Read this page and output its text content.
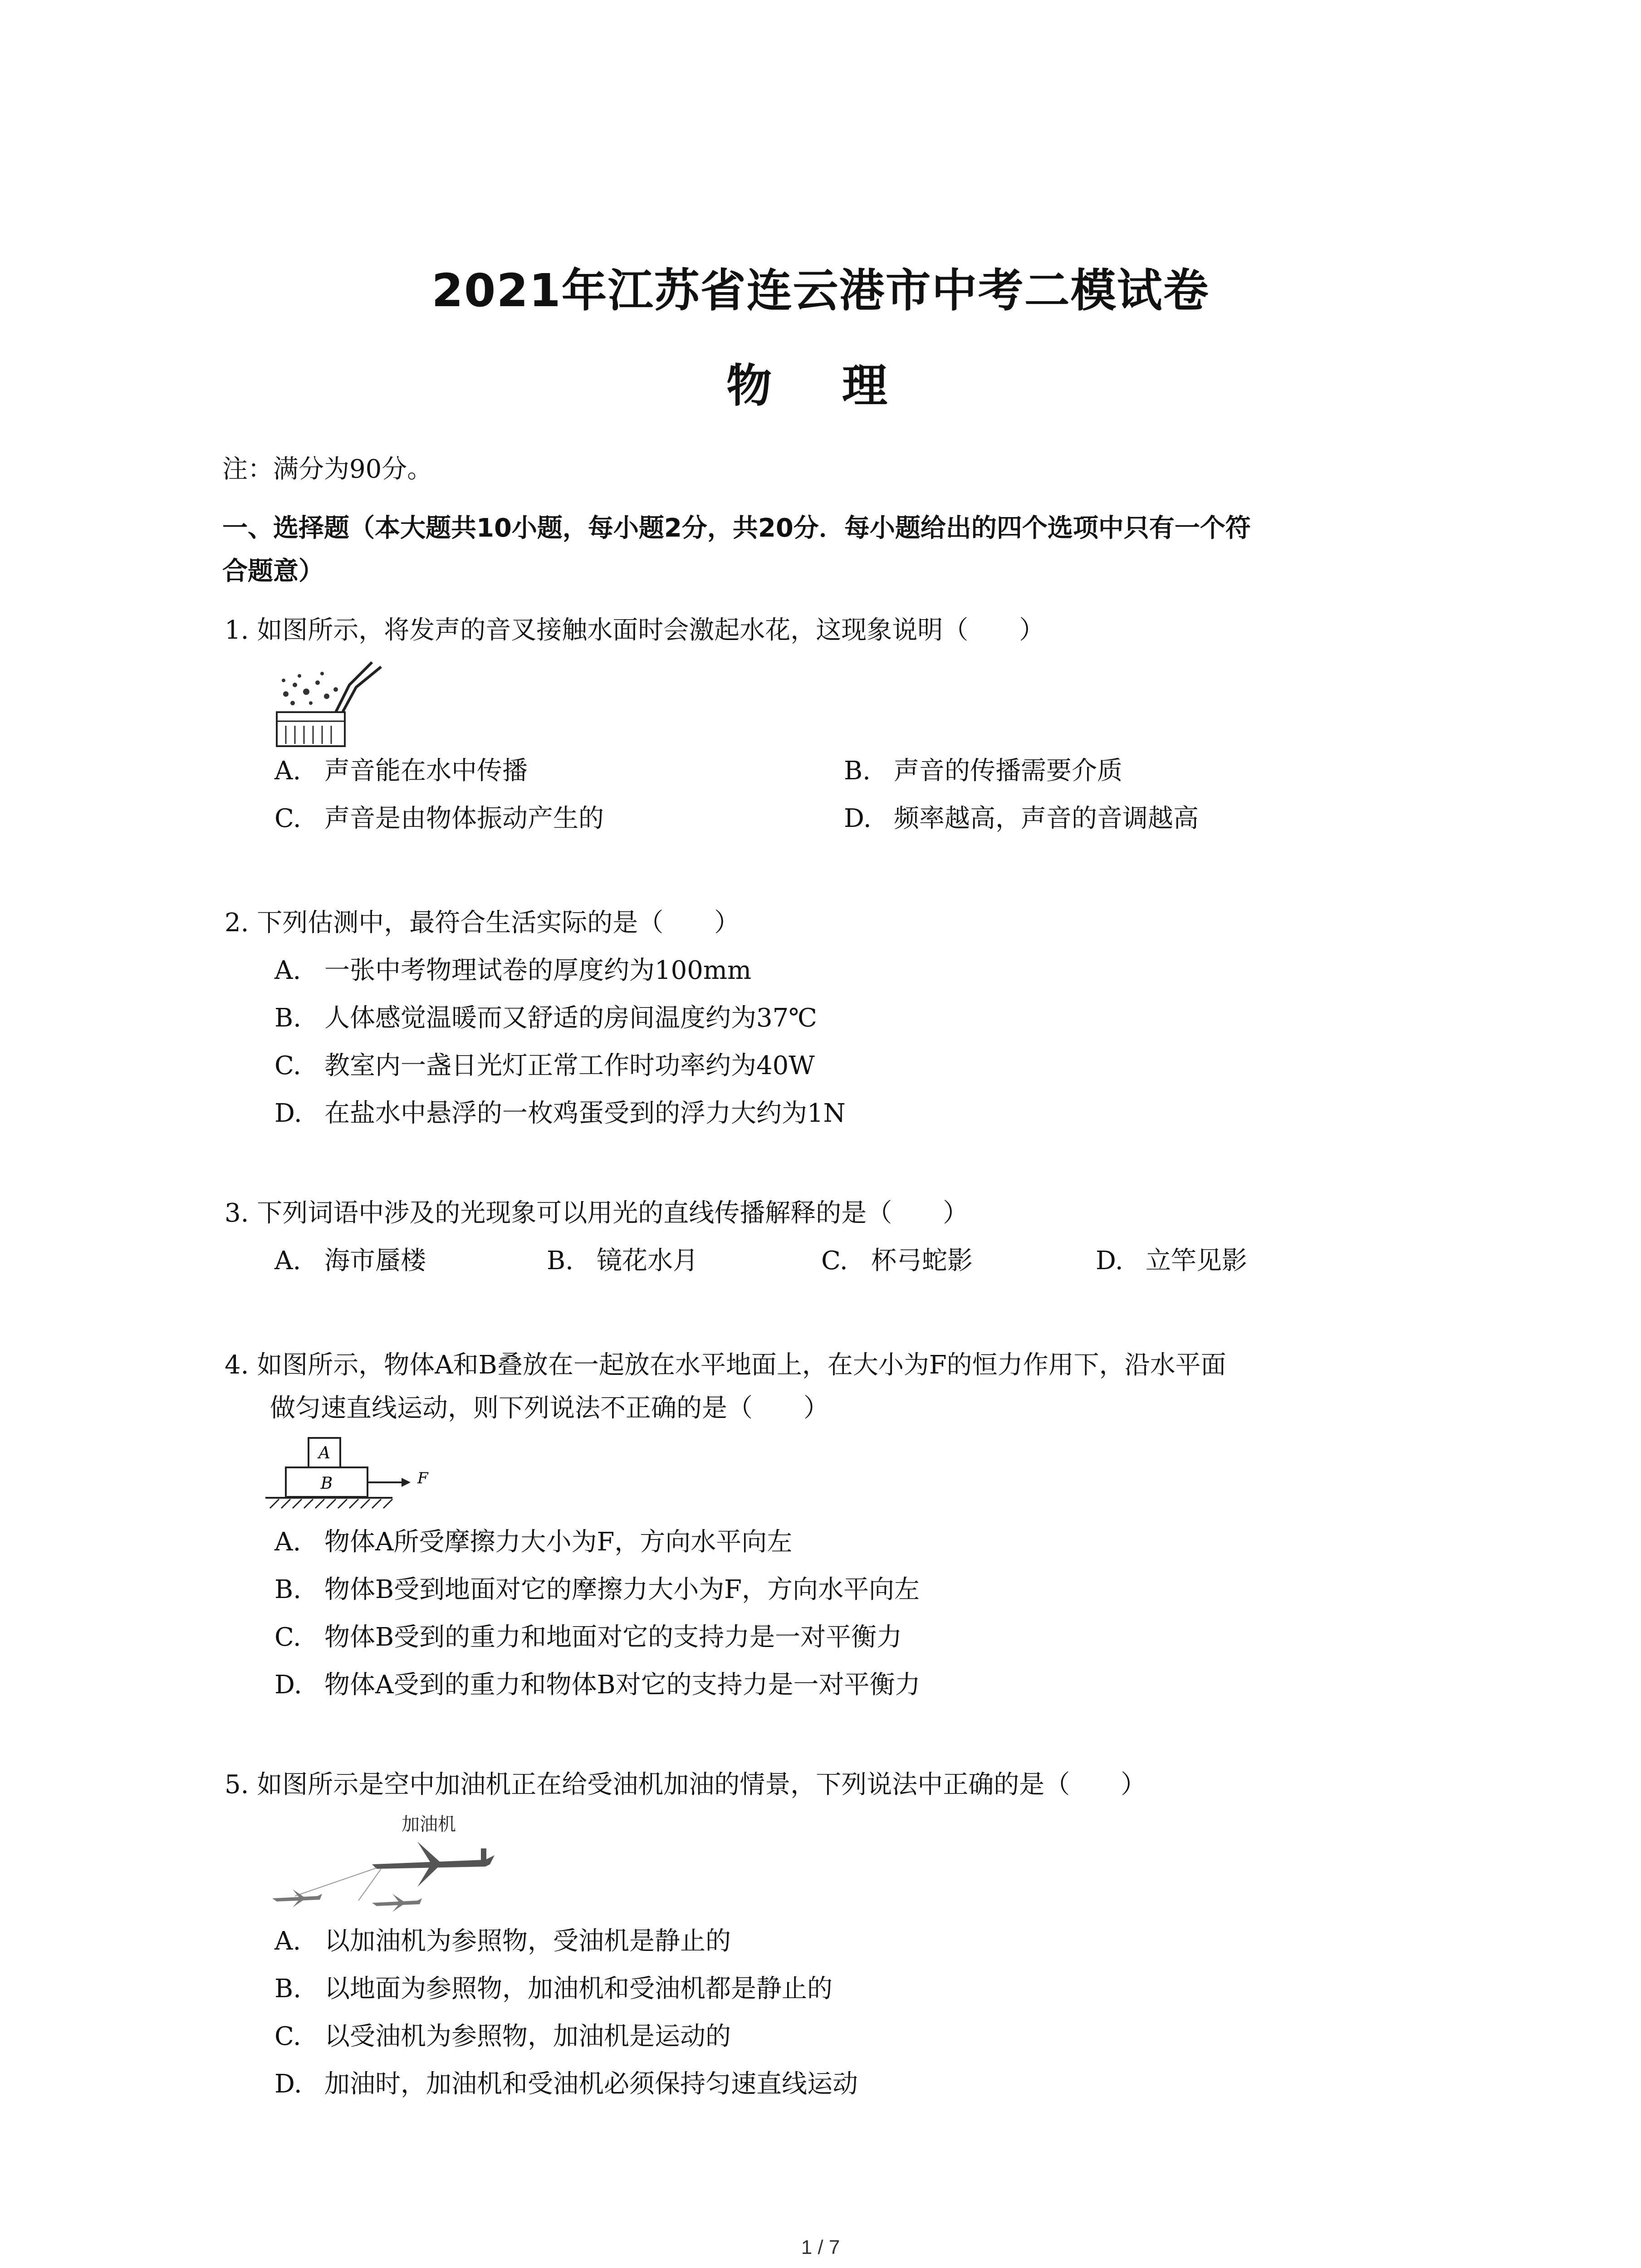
2021年江苏省连云港市中考二模试卷
物 理
注：满分为90分。
一、选择题（本大题共10小题，每小题2分，共20分．每小题给出的四个选项中只有一个符
合题意）
1. 如图所示，将发声的音叉接触水面时会激起水花，这现象说明（　　）
A. 声音能在水中传播	B. 声音的传播需要介质
C. 声音是由物体振动产生的	D. 频率越高，声音的音调越高
2. 下列估测中，最符合生活实际的是（　　）
A. 一张中考物理试卷的厚度约为100mm
B. 人体感觉温暖而又舒适的房间温度约为37℃
C. 教室内一盏日光灯正常工作时功率约为40W
D. 在盐水中悬浮的一枚鸡蛋受到的浮力大约为1N
3. 下列词语中涉及的光现象可以用光的直线传播解释的是（　　）
A. 海市蜃楼	B. 镜花水月	C. 杯弓蛇影	D. 立竿见影
4. 如图所示，物体A和B叠放在一起放在水平地面上，在大小为F的恒力作用下，沿水平面
做匀速直线运动，则下列说法不正确的是（　　）
A
B	F
A. 物体A所受摩擦力大小为F，方向水平向左
B. 物体B受到地面对它的摩擦力大小为F，方向水平向左
C. 物体B受到的重力和地面对它的支持力是一对平衡力
D. 物体A受到的重力和物体B对它的支持力是一对平衡力
5. 如图所示是空中加油机正在给受油机加油的情景，下列说法中正确的是（　　）
加油机
A. 以加油机为参照物，受油机是静止的
B. 以地面为参照物，加油机和受油机都是静止的
C. 以受油机为参照物，加油机是运动的
D. 加油时，加油机和受油机必须保持匀速直线运动
1 / 7
